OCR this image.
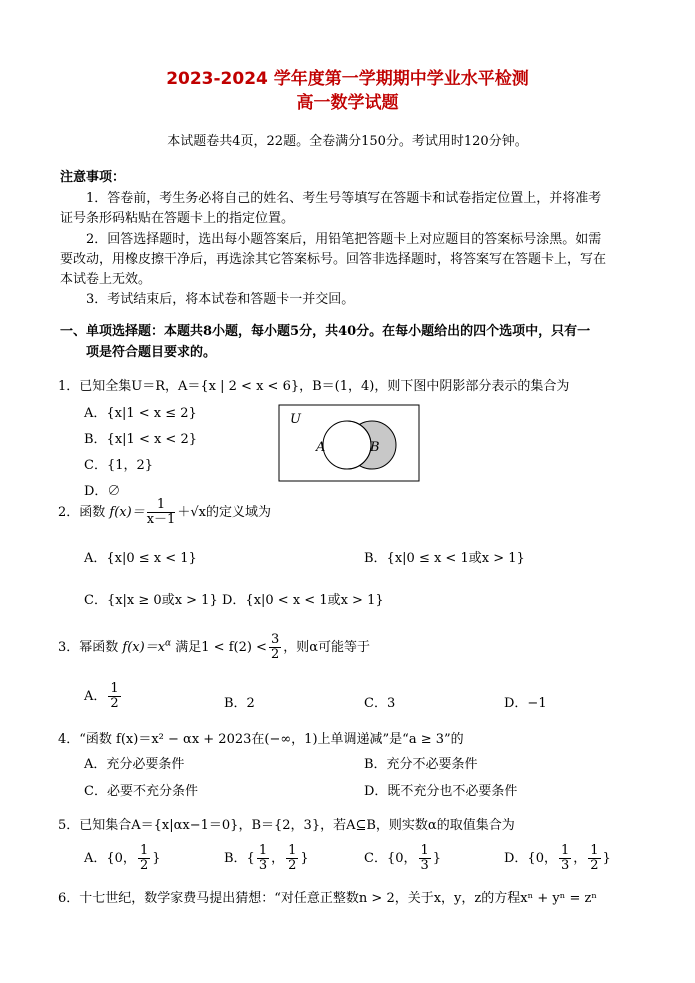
2023-2024 学年度第一学期期中学业水平检测
高一数学试题
本试题卷共4页，22题。全卷满分150分。考试用时120分钟。
注意事项：
1．答卷前，考生务必将自己的姓名、考生号等填写在答题卡和试卷指定位置上，并将准考
证号条形码粘贴在答题卡上的指定位置。
2．回答选择题时，选出每小题答案后，用铅笔把答题卡上对应题目的答案标号涂黑。如需
要改动，用橡皮擦干净后，再选涂其它答案标号。回答非选择题时，将答案写在答题卡上，写在
本试卷上无效。
3．考试结束后，将本试卷和答题卡一并交回。
一、单项选择题：本题共8小题，每小题5分，共40分。在每小题给出的四个选项中，只有一
项是符合题目要求的。
1．已知全集U＝R，A＝{x | 2 < x < 6}，B＝(1，4)，则下图中阴影部分表示的集合为
A．{x|1 < x ≤ 2}
B．{x|1 < x < 2}
C．{1，2}
D．∅
U
A	B
2．函数 $f(x)= \frac{1}{x-1} +√x$的定义域为
A．{x|0 ≤ x < 1}	B．{x|0 ≤ x < 1或x > 1}
C．{x|x ≥ 0或x > 1} D．{x|0 < x < 1或x > 1}
3．幂函数 $f(x)=x^\alpha$ 满足$1 < f(2) < \frac{3}{2}$ ，则α可能等于
A． $\frac{1}{2}$	B．2	C．3	D．−1
4．“函数 f(x)＝x² − αx + 2023在(−∞，1)上单调递减”是“a ≥ 3”的
A．充分必要条件	B．充分不必要条件
C．必要不充分条件	D．既不充分也不必要条件
5．已知集合A＝{x|αx−1＝0}，B＝{2，3}，若A⊆B，则实数α的取值集合为
A．{0， $\frac{1}{2}$ }	B．{ $\frac{1}{3}$ ， $\frac{1}{2}$ }	C．{0， $\frac{1}{3}$ }	D．{0， $\frac{1}{3}$ ， $\frac{1}{2}$ }
6．十七世纪，数学家费马提出猜想：“对任意正整数n > 2，关于x，y，z的方程xⁿ + yⁿ = zⁿ
